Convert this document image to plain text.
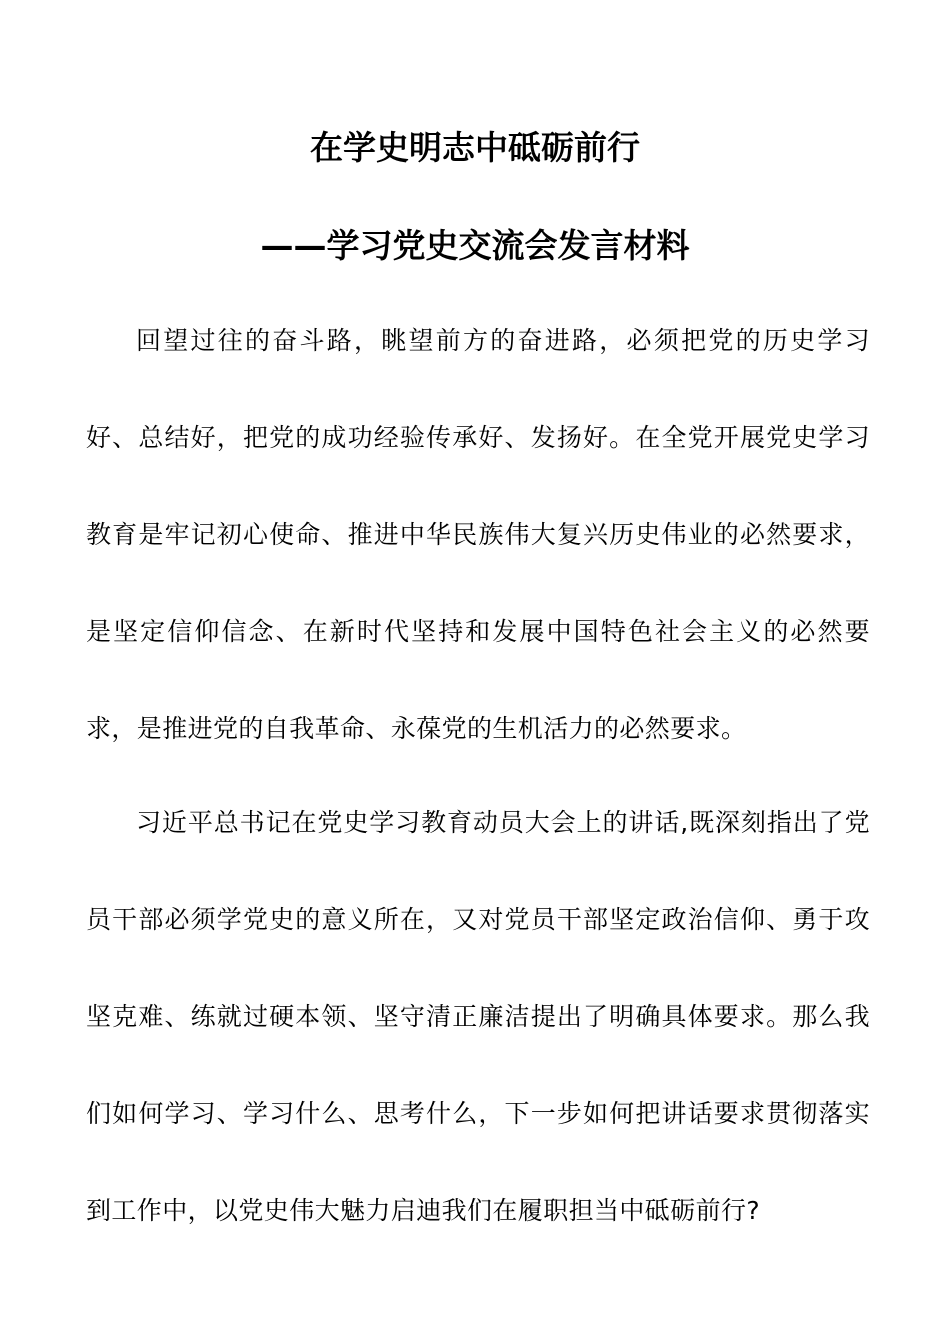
在学史明志中砥砺前行
——学习党史交流会发言材料

回望过往的奋斗路，眺望前方的奋进路，必须把党的历史学习好、总结好，把党的成功经验传承好、发扬好。在全党开展党史学习教育是牢记初心使命、推进中华民族伟大复兴历史伟业的必然要求，是坚定信仰信念、在新时代坚持和发展中国特色社会主义的必然要求，是推进党的自我革命、永葆党的生机活力的必然要求。

习近平总书记在党史学习教育动员大会上的讲话,既深刻指出了党员干部必须学党史的意义所在，又对党员干部坚定政治信仰、勇于攻坚克难、练就过硬本领、坚守清正廉洁提出了明确具体要求。那么我们如何学习、学习什么、思考什么，下一步如何把讲话要求贯彻落实到工作中，以党史伟大魅力启迪我们在履职担当中砥砺前行?
